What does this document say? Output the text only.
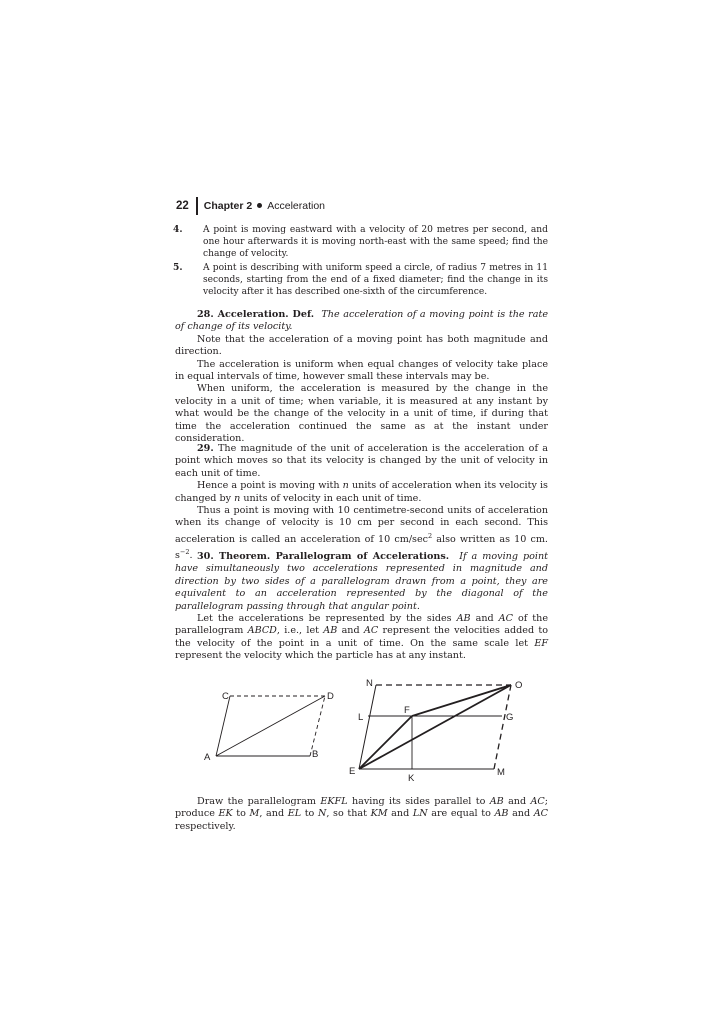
22 Chapter 2 Acceleration
4.	A point is moving eastward with a velocity of 20 metres per second, and one hour afterwards it is moving north-east with the same speed; find the change of velocity.
5.	A point is describing with uniform speed a circle, of radius 7 metres in 11 seconds, starting from the end of a fixed diameter; find the change in its velocity after it has described one-sixth of the circumference.

28. Acceleration. Def. The acceleration of a moving point is the rate of change of its velocity.

Note that the acceleration of a moving point has both magnitude and direction.

The acceleration is uniform when equal changes of velocity take place in equal intervals of time, however small these intervals may be.

When uniform, the acceleration is measured by the change in the velocity in a unit of time; when variable, it is measured at any instant by what would be the change of the velocity in a unit of time, if during that time the acceleration continued the same as at the instant under consideration.

29. The magnitude of the unit of acceleration is the acceleration of a point which moves so that its velocity is changed by the unit of velocity in each unit of time.

Hence a point is moving with n units of acceleration when its velocity is changed by n units of velocity in each unit of time.

Thus a point is moving with 10 centimetre-second units of acceleration when its change of velocity is 10 cm per second in each second. This acceleration is called an acceleration of 10 $cm/\sec^2$ also written as 10 cm. $s^{-2}$. 30. Theorem. Parallelogram of Accelerations. If a moving point have simultaneously two accelerations represented in magnitude and direction by two sides of a parallelogram drawn from a point, they are equivalent to an acceleration represented by the diagonal of the parallelogram passing through that angular point.

Let the accelerations be represented by the sides AB and AC of the parallelogram ABCD, i.e., let AB and AC represent the velocities added to the velocity of the point in a unit of time. On the same scale let EF represent the velocity which the particle has at any instant.

A	B
C	D
N	O
F
L	G
E
K
M

Draw the parallelogram EKFL having its sides parallel to AB and AC; produce EK to M, and EL to N, so that KM and LN are equal to AB and AC respectively.
